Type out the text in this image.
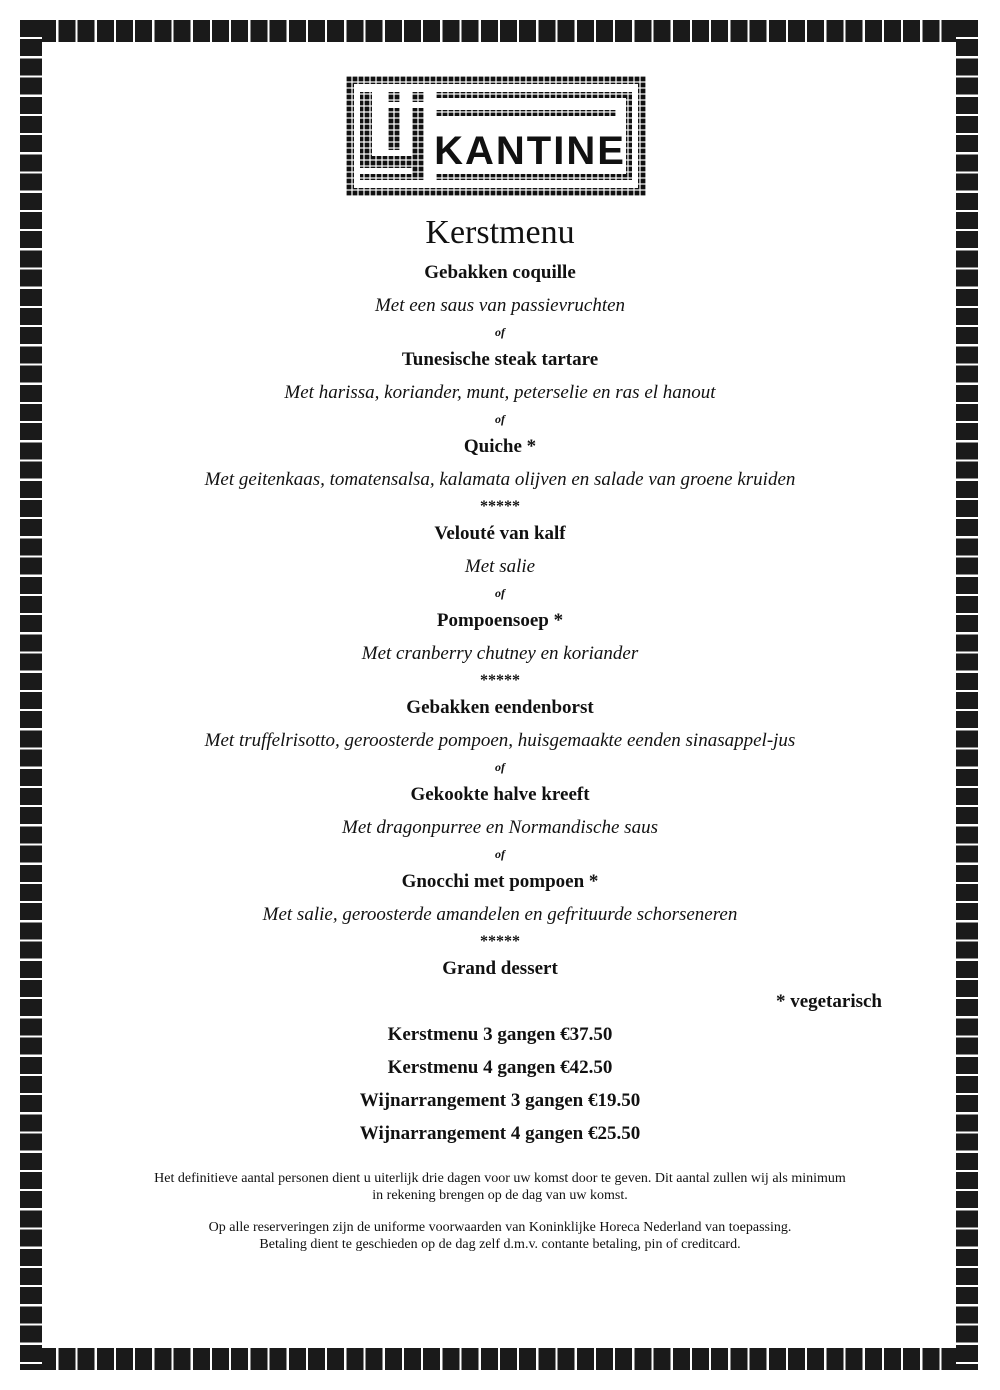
KANTINE
Kerstmenu
Gebakken coquille
Met een saus van passievruchten
of
Tunesische steak tartare
Met harissa, koriander, munt, peterselie en ras el hanout
of
Quiche *
Met geitenkaas, tomatensalsa, kalamata olijven en salade van groene kruiden
*****
Velouté van kalf
Met salie
of
Pompoensoep *
Met cranberry chutney en koriander
*****
Gebakken eendenborst
Met truffelrisotto, geroosterde pompoen, huisgemaakte eenden sinasappel-jus
of
Gekookte halve kreeft
Met dragonpurree en Normandische saus
of
Gnocchi met pompoen *
Met salie, geroosterde amandelen en gefrituurde schorseneren
*****
Grand dessert
* vegetarisch
Kerstmenu 3 gangen €37.50
Kerstmenu 4 gangen €42.50
Wijnarrangement 3 gangen €19.50
Wijnarrangement 4 gangen €25.50

Het definitieve aantal personen dient u uiterlijk drie dagen voor uw komst door te geven. Dit aantal zullen wij als minimum
in rekening brengen op de dag van uw komst.

Op alle reserveringen zijn de uniforme voorwaarden van Koninklijke Horeca Nederland van toepassing.
Betaling dient te geschieden op de dag zelf d.m.v. contante betaling, pin of creditcard.
